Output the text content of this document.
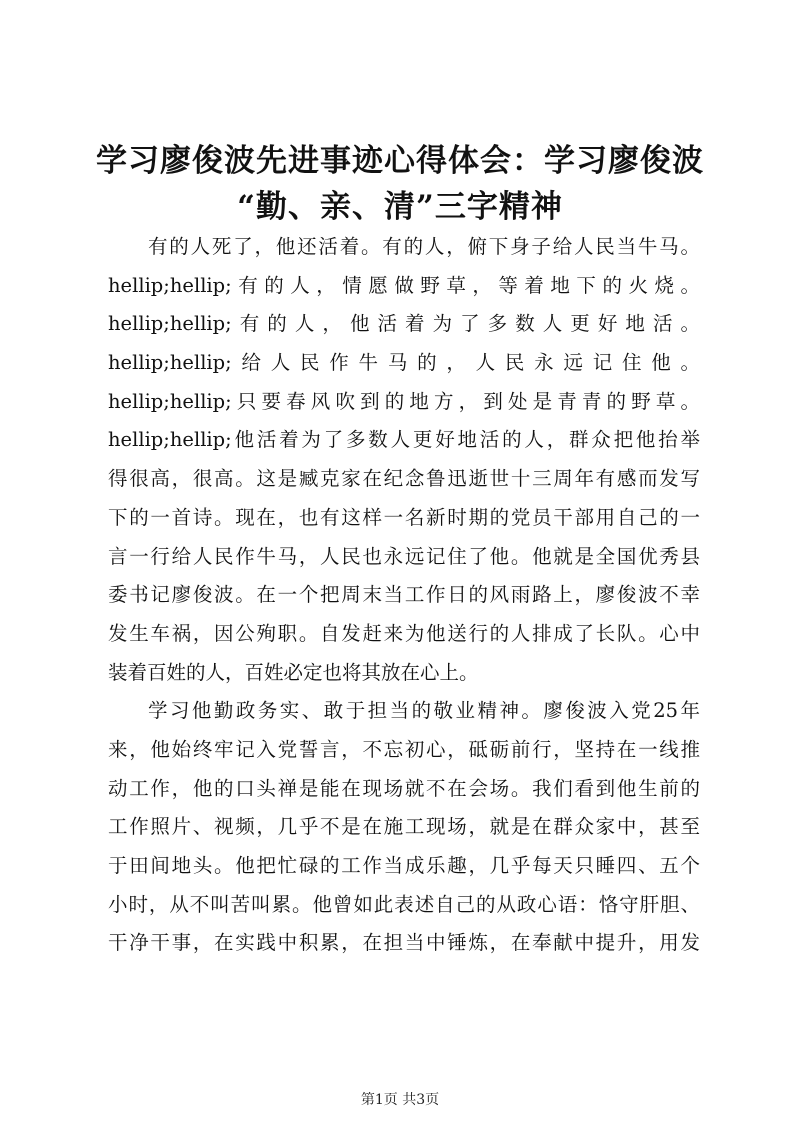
学习廖俊波先进事迹心得体会：学习廖俊波
“勤、亲、清”三字精神
有的人死了，他还活着。有的人，俯下身子给人民当牛马。
hellip;hellip;有的人，情愿做野草，等着地下的火烧。
hellip;hellip;有的人，他活着为了多数人更好地活。
hellip;hellip;给人民作牛马的，人民永远记住他。
hellip;hellip;只要春风吹到的地方，到处是青青的野草。
hellip;hellip;他活着为了多数人更好地活的人，群众把他抬举
得很高，很高。这是臧克家在纪念鲁迅逝世十三周年有感而发写
下的一首诗。现在，也有这样一名新时期的党员干部用自己的一
言一行给人民作牛马，人民也永远记住了他。他就是全国优秀县
委书记廖俊波。在一个把周末当工作日的风雨路上，廖俊波不幸
发生车祸，因公殉职。自发赶来为他送行的人排成了长队。心中
装着百姓的人，百姓必定也将其放在心上。
学习他勤政务实、敢于担当的敬业精神。廖俊波入党25年
来，他始终牢记入党誓言，不忘初心，砥砺前行，坚持在一线推
动工作，他的口头禅是能在现场就不在会场。我们看到他生前的
工作照片、视频，几乎不是在施工现场，就是在群众家中，甚至
于田间地头。他把忙碌的工作当成乐趣，几乎每天只睡四、五个
小时，从不叫苦叫累。他曾如此表述自己的从政心语：恪守肝胆、
干净干事，在实践中积累，在担当中锤炼，在奉献中提升，用发
第1页 共3页
